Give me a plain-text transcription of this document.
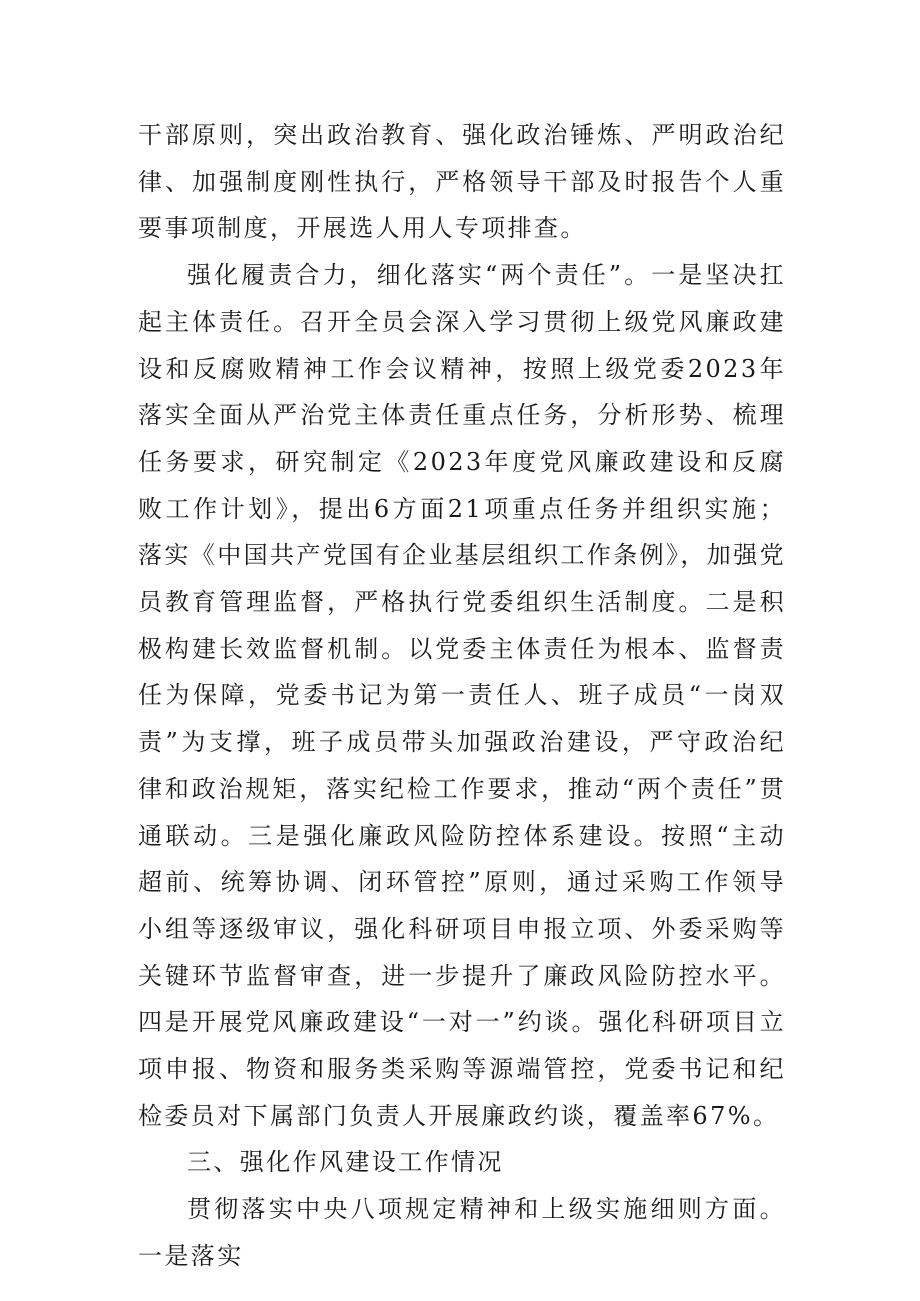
干部原则，突出政治教育、强化政治锤炼、严明政治纪律、加强制度刚性执行，严格领导干部及时报告个人重要事项制度，开展选人用人专项排查。

强化履责合力，细化落实“两个责任”。一是坚决扛起主体责任。召开全员会深入学习贯彻上级党风廉政建设和反腐败精神工作会议精神，按照上级党委2023年落实全面从严治党主体责任重点任务，分析形势、梳理任务要求，研究制定《2023年度党风廉政建设和反腐败工作计划》，提出6方面21项重点任务并组织实施；落实《中国共产党国有企业基层组织工作条例》，加强党员教育管理监督，严格执行党委组织生活制度。二是积极构建长效监督机制。以党委主体责任为根本、监督责任为保障，党委书记为第一责任人、班子成员“一岗双责”为支撑，班子成员带头加强政治建设，严守政治纪律和政治规矩，落实纪检工作要求，推动“两个责任”贯通联动。三是强化廉政风险防控体系建设。按照“主动超前、统筹协调、闭环管控”原则，通过采购工作领导小组等逐级审议，强化科研项目申报立项、外委采购等关键环节监督审查，进一步提升了廉政风险防控水平。四是开展党风廉政建设“一对一”约谈。强化科研项目立项申报、物资和服务类采购等源端管控，党委书记和纪检委员对下属部门负责人开展廉政约谈，覆盖率67%。

三、强化作风建设工作情况

贯彻落实中央八项规定精神和上级实施细则方面。一是落实
